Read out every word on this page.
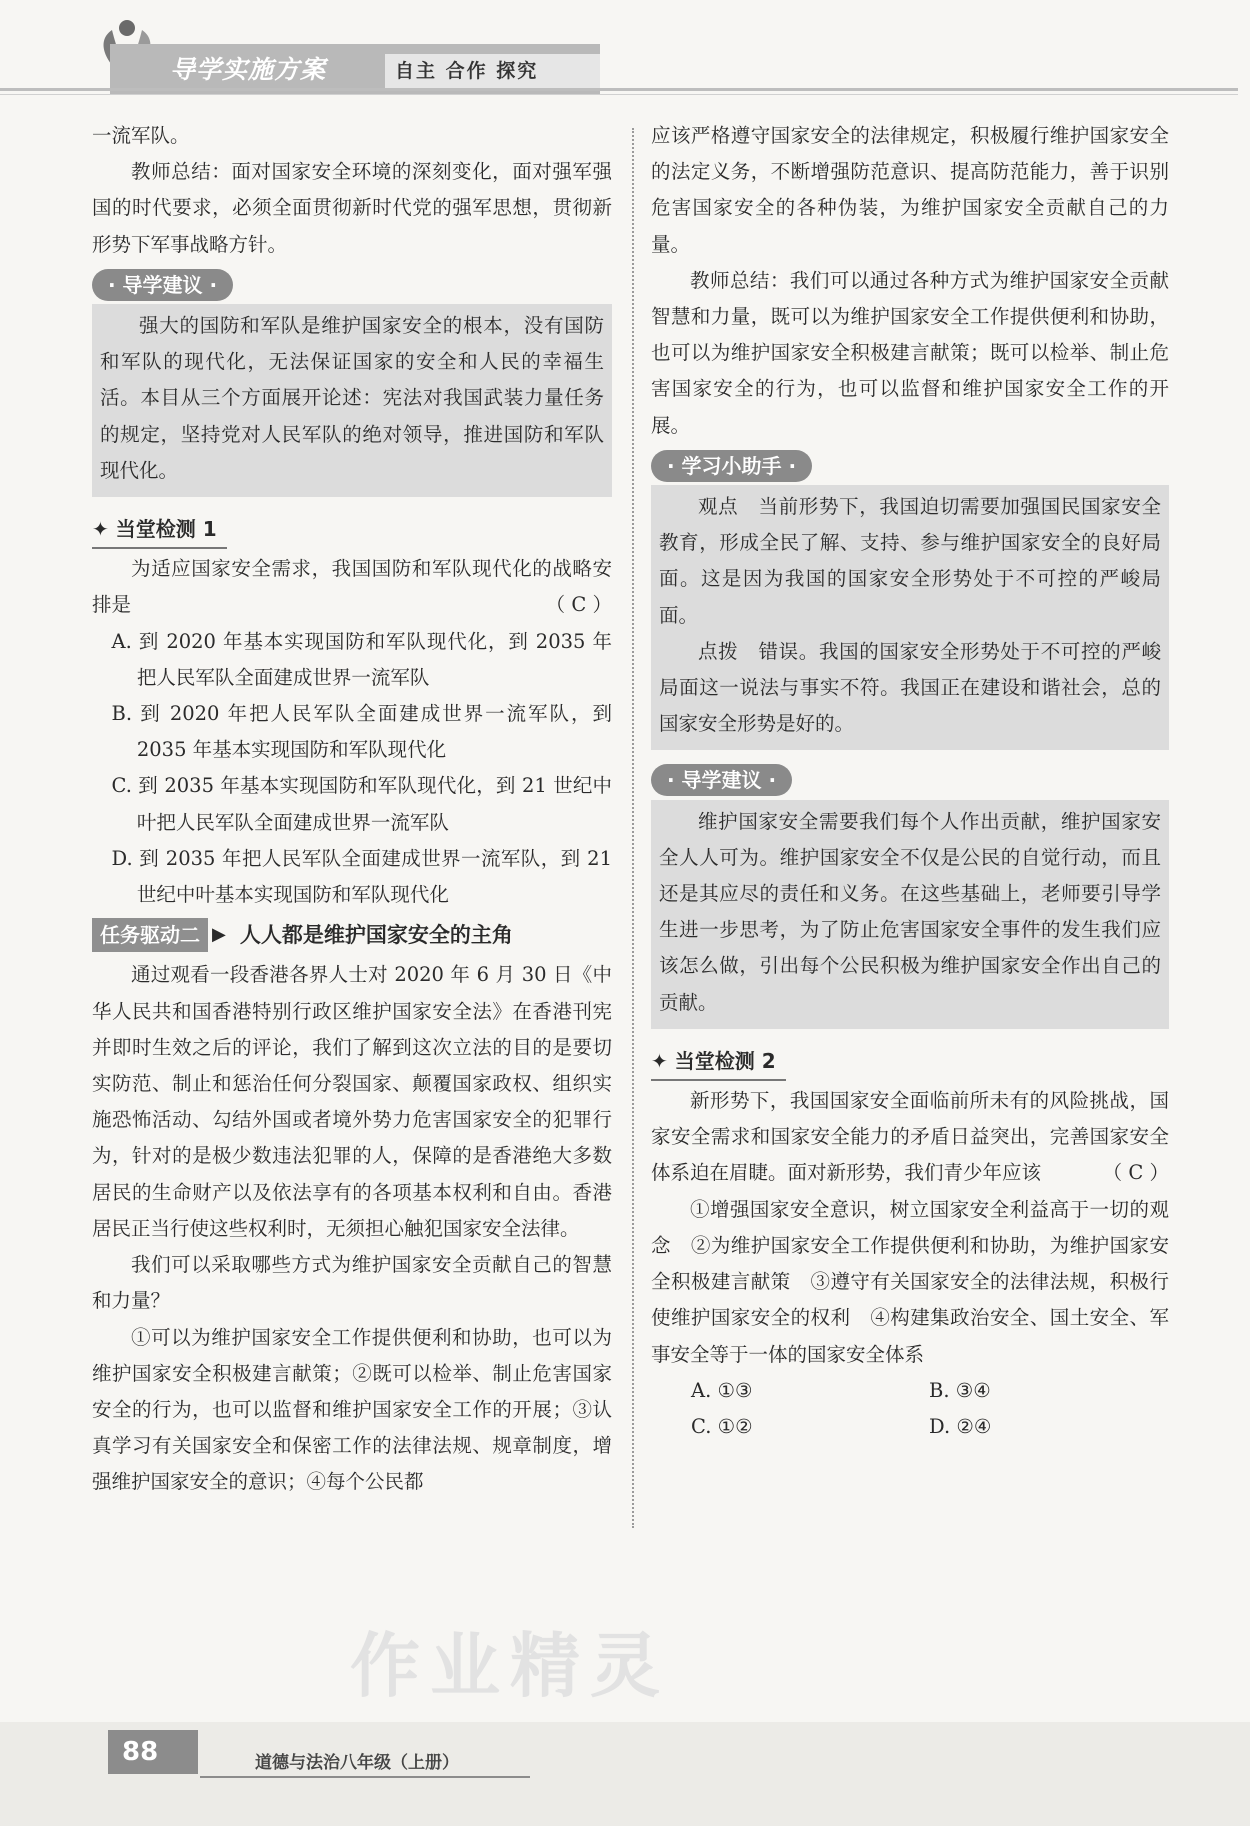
导学实施方案	自主 合作 探究

一流军队。

教师总结：面对国家安全环境的深刻变化，面对强军强国的时代要求，必须全面贯彻新时代党的强军思想，贯彻新形势下军事战略方针。

· 导学建议 ·

强大的国防和军队是维护国家安全的根本，没有国防和军队的现代化，无法保证国家的安全和人民的幸福生活。本目从三个方面展开论述：宪法对我国武装力量任务的规定，坚持党对人民军队的绝对领导，推进国防和军队现代化。

✦ 当堂检测 1

为适应国家安全需求，我国国防和军队现代化的战略安排是	（ C ）

A. 到 2020 年基本实现国防和军队现代化，到 2035 年把人民军队全面建成世界一流军队

B. 到 2020 年把人民军队全面建成世界一流军队，到 2035 年基本实现国防和军队现代化

C. 到 2035 年基本实现国防和军队现代化，到 21 世纪中叶把人民军队全面建成世界一流军队

D. 到 2035 年把人民军队全面建成世界一流军队，到 21 世纪中叶基本实现国防和军队现代化

任务驱动二 ▶ 人人都是维护国家安全的主角

通过观看一段香港各界人士对 2020 年 6 月 30 日《中华人民共和国香港特别行政区维护国家安全法》在香港刊宪并即时生效之后的评论，我们了解到这次立法的目的是要切实防范、制止和惩治任何分裂国家、颠覆国家政权、组织实施恐怖活动、勾结外国或者境外势力危害国家安全的犯罪行为，针对的是极少数违法犯罪的人，保障的是香港绝大多数居民的生命财产以及依法享有的各项基本权利和自由。香港居民正当行使这些权利时，无须担心触犯国家安全法律。

我们可以采取哪些方式为维护国家安全贡献自己的智慧和力量？

①可以为维护国家安全工作提供便利和协助，也可以为维护国家安全积极建言献策；②既可以检举、制止危害国家安全的行为，也可以监督和维护国家安全工作的开展；③认真学习有关国家安全和保密工作的法律法规、规章制度，增强维护国家安全的意识；④每个公民都

应该严格遵守国家安全的法律规定，积极履行维护国家安全的法定义务，不断增强防范意识、提高防范能力，善于识别危害国家安全的各种伪装，为维护国家安全贡献自己的力量。

教师总结：我们可以通过各种方式为维护国家安全贡献智慧和力量，既可以为维护国家安全工作提供便利和协助，也可以为维护国家安全积极建言献策；既可以检举、制止危害国家安全的行为，也可以监督和维护国家安全工作的开展。

· 学习小助手 ·

观点　当前形势下，我国迫切需要加强国民国家安全教育，形成全民了解、支持、参与维护国家安全的良好局面。这是因为我国的国家安全形势处于不可控的严峻局面。

点拨　错误。我国的国家安全形势处于不可控的严峻局面这一说法与事实不符。我国正在建设和谐社会，总的国家安全形势是好的。

· 导学建议 ·

维护国家安全需要我们每个人作出贡献，维护国家安全人人可为。维护国家安全不仅是公民的自觉行动，而且还是其应尽的责任和义务。在这些基础上，老师要引导学生进一步思考，为了防止危害国家安全事件的发生我们应该怎么做，引出每个公民积极为维护国家安全作出自己的贡献。

✦ 当堂检测 2

新形势下，我国国家安全面临前所未有的风险挑战，国家安全需求和国家安全能力的矛盾日益突出，完善国家安全体系迫在眉睫。面对新形势，我们青少年应该	（ C ）

①增强国家安全意识，树立国家安全利益高于一切的观念　②为维护国家安全工作提供便利和协助，为维护国家安全积极建言献策　③遵守有关国家安全的法律法规，积极行使维护国家安全的权利　④构建集政治安全、国土安全、军事安全等于一体的国家安全体系

A. ①③	B. ③④
C. ①②	D. ②④
作业精灵
88	道德与法治八年级（上册）
